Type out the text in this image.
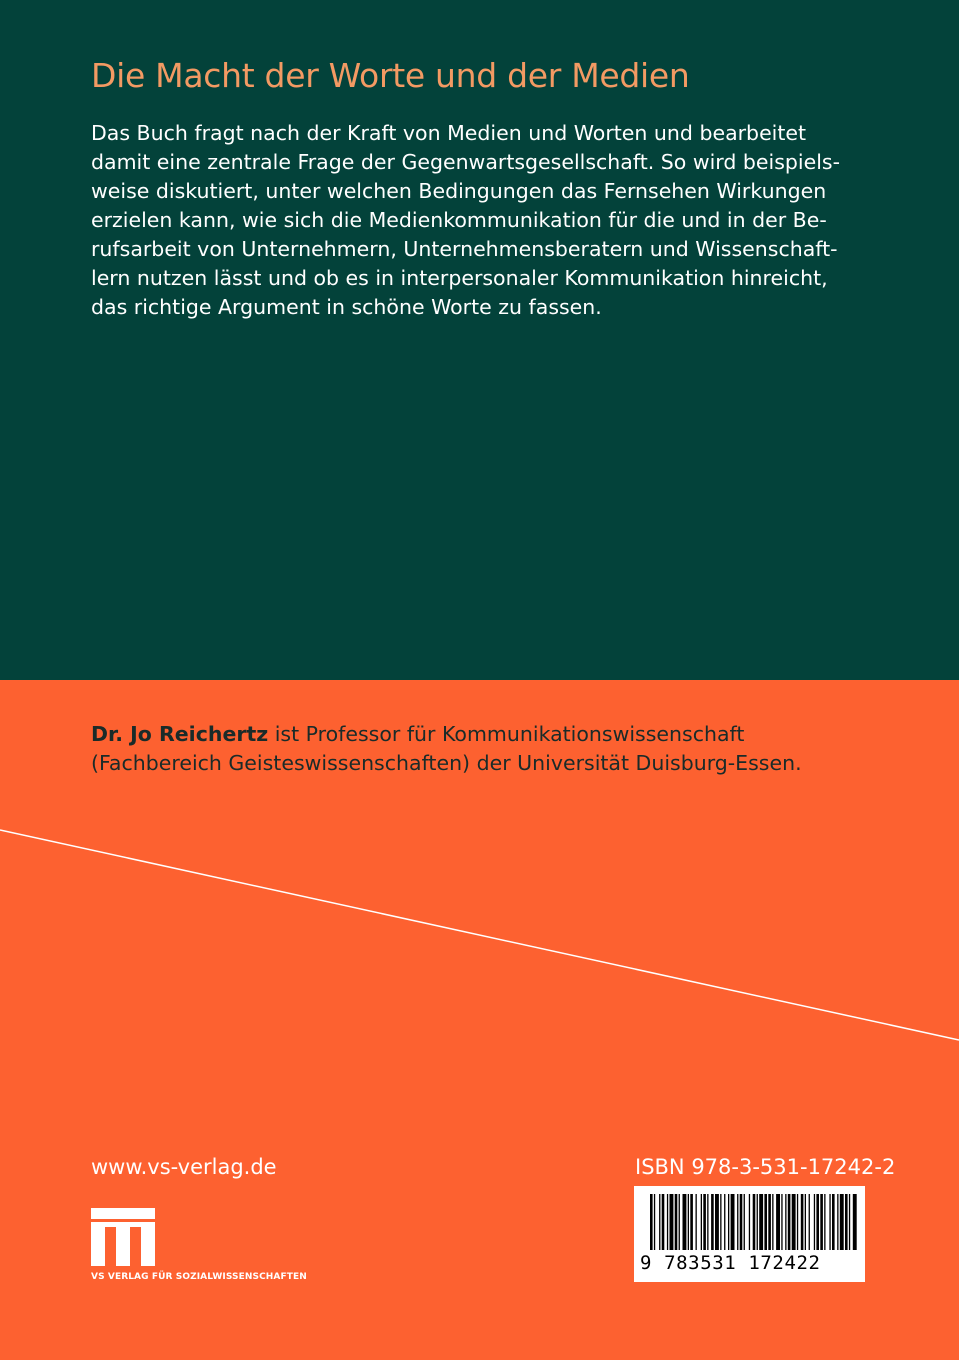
Die Macht der Worte und der Medien
Das Buch fragt nach der Kraft von Medien und Worten und bearbeitet
damit eine zentrale Frage der Gegenwartsgesellschaft. So wird beispiels-
weise diskutiert, unter welchen Bedingungen das Fernsehen Wirkungen
erzielen kann, wie sich die Medienkommunikation für die und in der Be-
rufsarbeit von Unternehmern, Unternehmensberatern und Wissenschaft-
lern nutzen lässt und ob es in interpersonaler Kommunikation hinreicht,
das richtige Argument in schöne Worte zu fassen.
Dr. Jo Reichertz ist Professor für Kommunikationswissenschaft
(Fachbereich Geisteswissenschaften) der Universität Duisburg-Essen.

www.vs-verlag.de

VS VERLAG FÜR SOZIALWISSENSCHAFTEN

ISBN 978-3-531-17242-2

9 783531 172422
